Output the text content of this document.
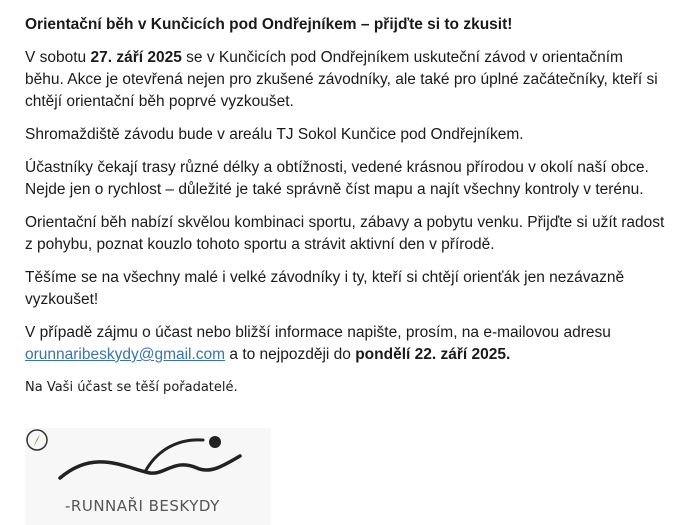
Orientační běh v Kunčicích pod Ondřejníkem – přijďte si to zkusit!

V sobotu 27. září 2025 se v Kunčicích pod Ondřejníkem uskuteční závod v orientačním běhu. Akce je otevřená nejen pro zkušené závodníky, ale také pro úplné začátečníky, kteří si chtějí orientační běh poprvé vyzkoušet.

Shromaždiště závodu bude v areálu TJ Sokol Kunčice pod Ondřejníkem.

Účastníky čekají trasy různé délky a obtížnosti, vedené krásnou přírodou v okolí naší obce. Nejde jen o rychlost – důležité je také správně číst mapu a najít všechny kontroly v terénu.

Orientační běh nabízí skvělou kombinaci sportu, zábavy a pobytu venku. Přijďte si užít radost z pohybu, poznat kouzlo tohoto sportu a strávit aktivní den v přírodě.

Těšíme se na všechny malé i velké závodníky i ty, kteří si chtějí orienťák jen nezávazně vyzkoušet!

V případě zájmu o účast nebo bližší informace napište, prosím, na e-mailovou adresu orunnaribeskydy@gmail.com a to nejpozději do pondělí 22. září 2025.

Na Vaši účast se těší pořadatelé.
-RUNNAŘI BESKYDY
